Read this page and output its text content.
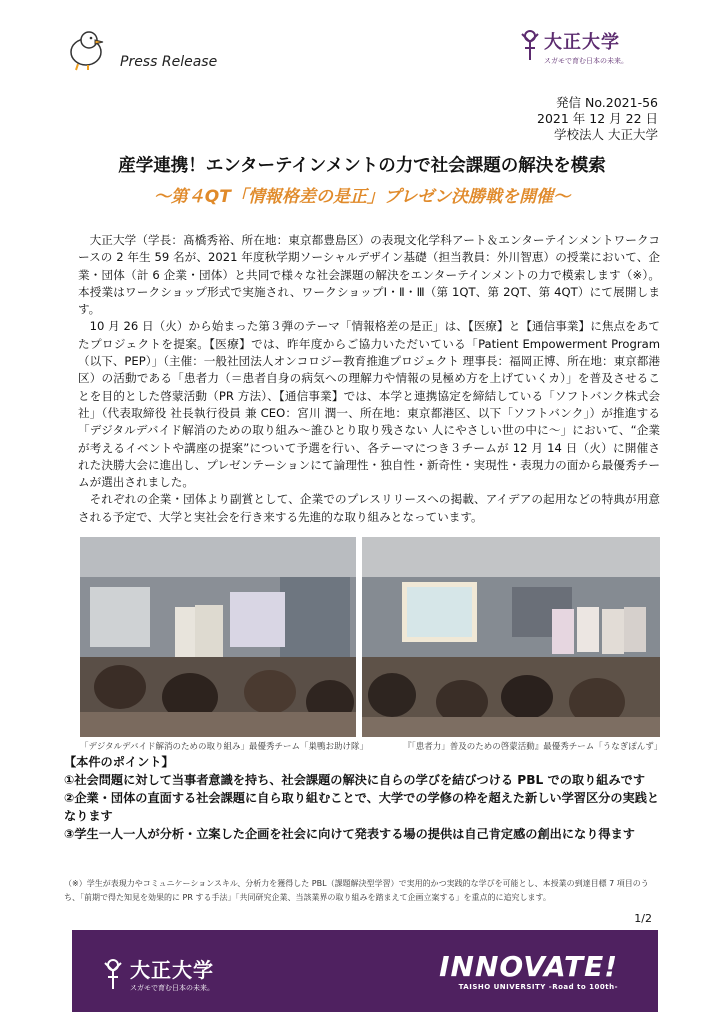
Press Release
大正大学
スガモで育む日本の未来。
発信 No.2021-56
2021 年 12 月 22 日
学校法人 大正大学
産学連携！エンターテインメントの力で社会課題の解決を模索
～第４QT「情報格差の是正」プレゼン決勝戦を開催～

大正大学（学長：髙橋秀裕、所在地：東京都豊島区）の表現文化学科アート＆エンターテインメントワークコースの 2 年生 59 名が、2021 年度秋学期ソーシャルデザイン基礎（担当教員：外川智恵）の授業において、企業・団体（計 6 企業・団体）と共同で様々な社会課題の解決をエンターテインメントの力で模索します（※）。本授業はワークショップ形式で実施され、ワークショップⅠ・Ⅱ・Ⅲ（第 1QT、第 2QT、第 4QT）にて展開します。

10 月 26 日（火）から始まった第３弾のテーマ「情報格差の是正」は、【医療】と【通信事業】に焦点をあてたプロジェクトを提案。【医療】では、昨年度からご協力いただいている「Patient Empowerment Program（以下、PEP）」（主催：一般社団法人オンコロジー教育推進プロジェクト 理事長：福岡正博、所在地：東京都港区）の活動である「患者力（＝患者自身の病気への理解力や情報の見極め方を上げていくカ）」を普及させることを目的とした啓蒙活動（PR 方法）、【通信事業】では、本学と連携協定を締結している「ソフトバンク株式会社」（代表取締役 社長執行役員 兼 CEO：宮川 潤一、所在地：東京都港区、以下「ソフトバンク」）が推進する「デジタルデバイド解消のための取り組み～誰ひとり取り残さない 人にやさしい世の中に～」において、“企業が考えるイベントや講座の提案”について予選を行い、各テーマにつき３チームが 12 月 14 日（火）に開催された決勝大会に進出し、プレゼンテーションにて論理性・独自性・新奇性・実現性・表現力の面から最優秀チームが選出されました。

それぞれの企業・団体より副賞として、企業でのプレスリリースへの掲載、アイデアの起用などの特典が用意される予定で、大学と実社会を行き来する先進的な取り組みとなっています。

「デジタルデバイド解消のための取り組み」最優秀チーム「巣鴨お助け隊」	『「患者力」普及のための啓蒙活動』最優秀チーム「うなぎぽんず」
【本件のポイント】
①社会問題に対して当事者意識を持ち、社会課題の解決に自らの学びを結びつける PBL での取り組みです
②企業・団体の直面する社会課題に自ら取り組むことで、大学での学修の枠を超えた新しい学習区分の実践となります
③学生一人一人が分析・立案した企画を社会に向けて発表する場の提供は自己肯定感の創出になり得ます
（※）学生が表現力やコミュニケーションスキル、分析力を獲得した PBL（課題解決型学習）で実用的かつ実践的な学びを可能とし、本授業の到達目標 7 項目のうち、「前期で得た知見を効果的に PR する手法」「共同研究企業、当該業界の取り組みを踏まえて企画立案する」を重点的に追究します。
1/2
大正大学
スガモで育む日本の未来。
INNOVATE!
TAISHO UNIVERSITY -Road to 100th-
